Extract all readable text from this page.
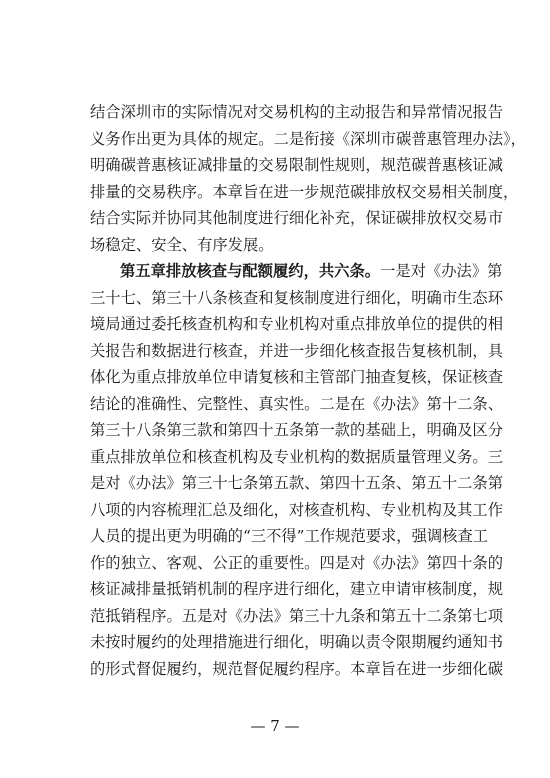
结合深圳市的实际情况对交易机构的主动报告和异常情况报告
义务作出更为具体的规定。二是衔接《深圳市碳普惠管理办法》，
明确碳普惠核证减排量的交易限制性规则，规范碳普惠核证减
排量的交易秩序。本章旨在进一步规范碳排放权交易相关制度，
结合实际并协同其他制度进行细化补充，保证碳排放权交易市
场稳定、安全、有序发展。
第五章排放核查与配额履约，共六条。一是对《办法》第
三十七、第三十八条核查和复核制度进行细化，明确市生态环
境局通过委托核查机构和专业机构对重点排放单位的提供的相
关报告和数据进行核查，并进一步细化核查报告复核机制，具
体化为重点排放单位申请复核和主管部门抽查复核，保证核查
结论的准确性、完整性、真实性。二是在《办法》第十二条、
第三十八条第三款和第四十五条第一款的基础上，明确及区分
重点排放单位和核查机构及专业机构的数据质量管理义务。三
是对《办法》第三十七条第五款、第四十五条、第五十二条第
八项的内容梳理汇总及细化，对核查机构、专业机构及其工作
人员的提出更为明确的“三不得”工作规范要求，强调核查工
作的独立、客观、公正的重要性。四是对《办法》第四十条的
核证减排量抵销机制的程序进行细化，建立申请审核制度，规
范抵销程序。五是对《办法》第三十九条和第五十二条第七项
未按时履约的处理措施进行细化，明确以责令限期履约通知书
的形式督促履约，规范督促履约程序。本章旨在进一步细化碳
— 7 —
